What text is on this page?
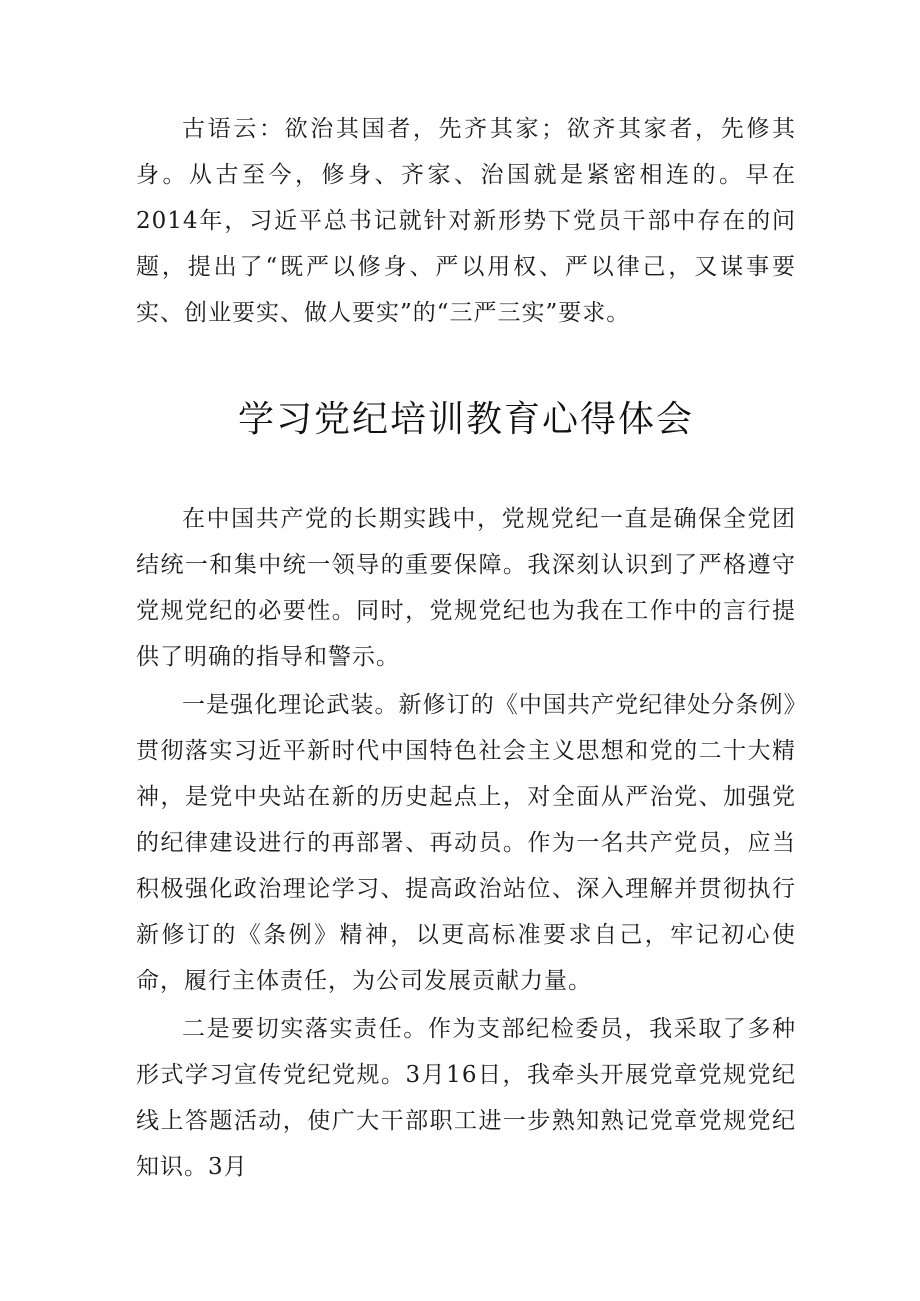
古语云：欲治其国者，先齐其家；欲齐其家者，先修其身。从古至今，修身、齐家、治国就是紧密相连的。早在2014年，习近平总书记就针对新形势下党员干部中存在的问题，提出了“既严以修身、严以用权、严以律己，又谋事要实、创业要实、做人要实”的“三严三实”要求。

学习党纪培训教育心得体会

在中国共产党的长期实践中，党规党纪一直是确保全党团结统一和集中统一领导的重要保障。我深刻认识到了严格遵守党规党纪的必要性。同时，党规党纪也为我在工作中的言行提供了明确的指导和警示。

一是强化理论武装。新修订的《中国共产党纪律处分条例》贯彻落实习近平新时代中国特色社会主义思想和党的二十大精神，是党中央站在新的历史起点上，对全面从严治党、加强党的纪律建设进行的再部署、再动员。作为一名共产党员，应当积极强化政治理论学习、提高政治站位、深入理解并贯彻执行新修订的《条例》精神，以更高标准要求自己，牢记初心使命，履行主体责任，为公司发展贡献力量。

二是要切实落实责任。作为支部纪检委员，我采取了多种形式学习宣传党纪党规。3月16日，我牵头开展党章党规党纪线上答题活动，使广大干部职工进一步熟知熟记党章党规党纪知识。3月
